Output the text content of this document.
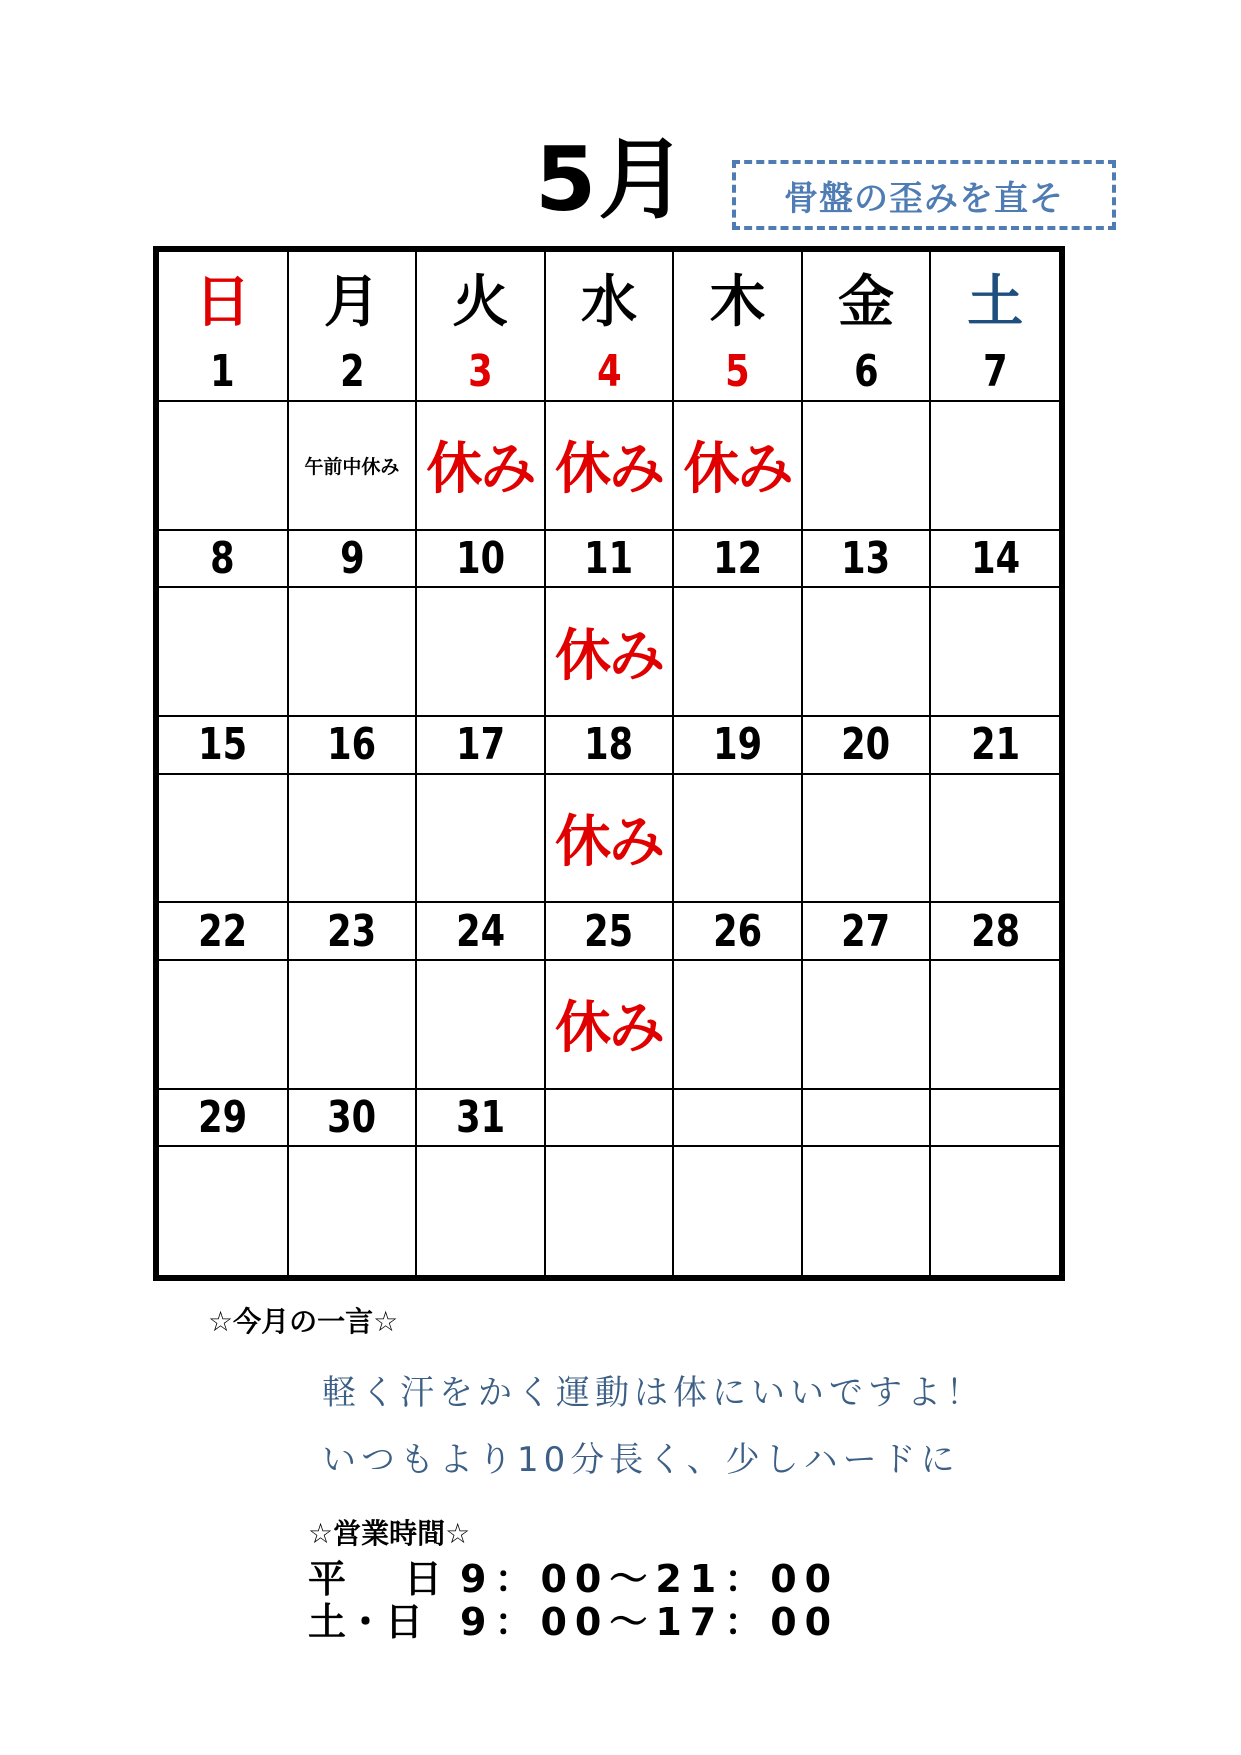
5月	骨盤の歪みを直そ
日	月	火	水	木	金	土
1	2	3	4	5	6	7
	午前中休み	休み	休み	休み		
8	9	10	11	12	13	14
			休み			
15	16	17	18	19	20	21
			休み			
22	23	24	25	26	27	28
			休み			
29	30	31				

☆今月の一言☆
軽く汗をかく運動は体にいいですよ！
いつもより10分長く、少しハードに
☆営業時間☆
平　日 9：00～21：00
土･日 9：00～17：00
